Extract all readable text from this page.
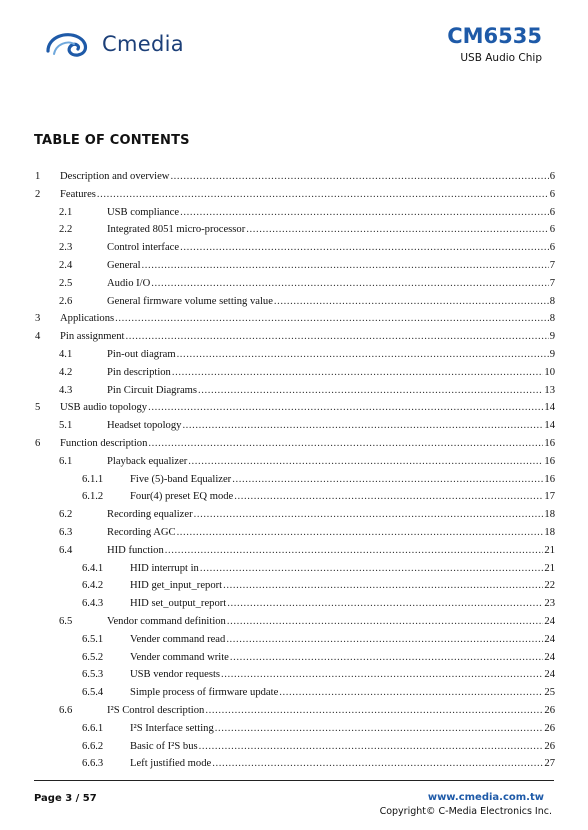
Cmedia	CM6535
USB Audio Chip
TABLE OF CONTENTS
1 Description and overview .....	6
2 Features .....	6
2.1	USB compliance .....	6
2.2	Integrated 8051 micro-processor .....	6
2.3	Control interface .....	6
2.4	General .....	7
2.5	Audio I/O .....	7
2.6	General firmware volume setting value .....	8
3 Applications .....	8
4 Pin assignment .....	9
4.1	Pin-out diagram .....	9
4.2	Pin description .....	10
4.3	Pin Circuit Diagrams .....	13
5 USB audio topology .....	14
5.1	Headset topology .....	14
6 Function description .....	16
6.1	Playback equalizer .....	16
6.1.1	Five (5)-band Equalizer .....	16
6.1.2	Four(4) preset EQ mode .....	17
6.2	Recording equalizer .....	18
6.3	Recording AGC .....	18
6.4	HID function .....	21
6.4.1	HID interrupt in .....	21
6.4.2	HID get_input_report .....	22
6.4.3	HID set_output_report .....	23
6.5	Vendor command definition .....	24
6.5.1	Vender command read .....	24
6.5.2	Vender command write .....	24
6.5.3	USB vendor requests .....	24
6.5.4	Simple process of firmware update .....	25
6.6	I²S Control description .....	26
6.6.1	I²S Interface setting .....	26
6.6.2	Basic of I²S bus .....	26
6.6.3	Left justified mode .....	27
Page 3 / 57	www.cmedia.com.tw
Copyright© C-Media Electronics Inc.
